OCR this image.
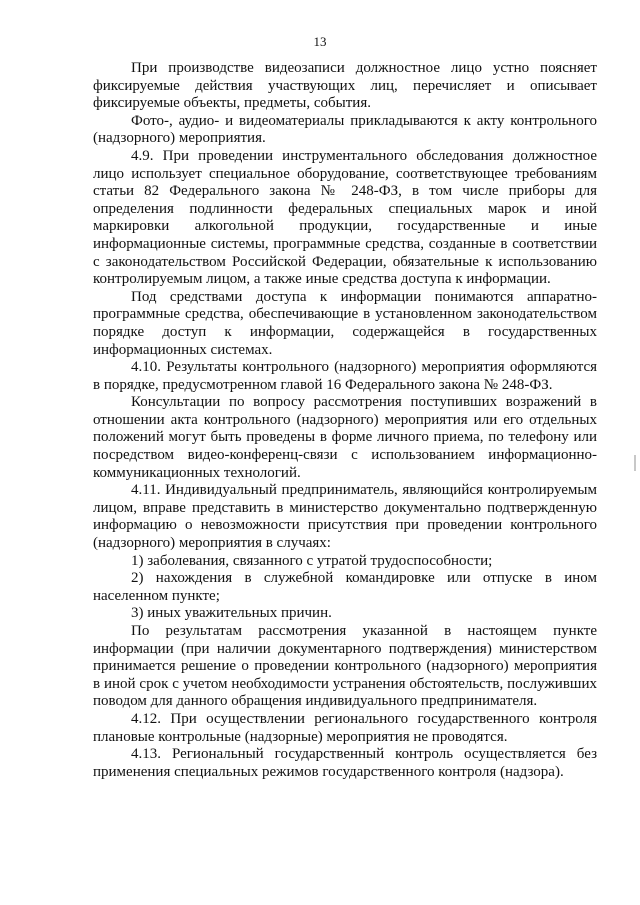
13

При производстве видеозаписи должностное лицо устно поясняет фиксируемые действия участвующих лиц, перечисляет и описывает фиксируемые объекты, предметы, события.

Фото-, аудио- и видеоматериалы прикладываются к акту контрольного (надзорного) мероприятия.

4.9. При проведении инструментального обследования должностное лицо использует специальное оборудование, соответствующее требованиям статьи 82 Федерального закона № 248-ФЗ, в том числе приборы для определения подлинности федеральных специальных марок и иной маркировки алкогольной продукции, государственные и иные информационные системы, программные средства, созданные в соответствии с законодательством Российской Федерации, обязательные к использованию контролируемым лицом, а также иные средства доступа к информации.

Под средствами доступа к информации понимаются аппаратно-программные средства, обеспечивающие в установленном законодательством порядке доступ к информации, содержащейся в государственных информационных системах.

4.10. Результаты контрольного (надзорного) мероприятия оформляются в порядке, предусмотренном главой 16 Федерального закона № 248-ФЗ.

Консультации по вопросу рассмотрения поступивших возражений в отношении акта контрольного (надзорного) мероприятия или его отдельных положений могут быть проведены в форме личного приема, по телефону или посредством видео-конференц-связи с использованием информационно-коммуникационных технологий.

4.11. Индивидуальный предприниматель, являющийся контролируемым лицом, вправе представить в министерство документально подтвержденную информацию о невозможности присутствия при проведении контрольного (надзорного) мероприятия в случаях:

1) заболевания, связанного с утратой трудоспособности;

2) нахождения в служебной командировке или отпуске в ином населенном пункте;

3) иных уважительных причин.

По результатам рассмотрения указанной в настоящем пункте информации (при наличии документарного подтверждения) министерством принимается решение о проведении контрольного (надзорного) мероприятия в иной срок с учетом необходимости устранения обстоятельств, послуживших поводом для данного обращения индивидуального предпринимателя.

4.12. При осуществлении регионального государственного контроля плановые контрольные (надзорные) мероприятия не проводятся.

4.13. Региональный государственный контроль осуществляется без применения специальных режимов государственного контроля (надзора).
